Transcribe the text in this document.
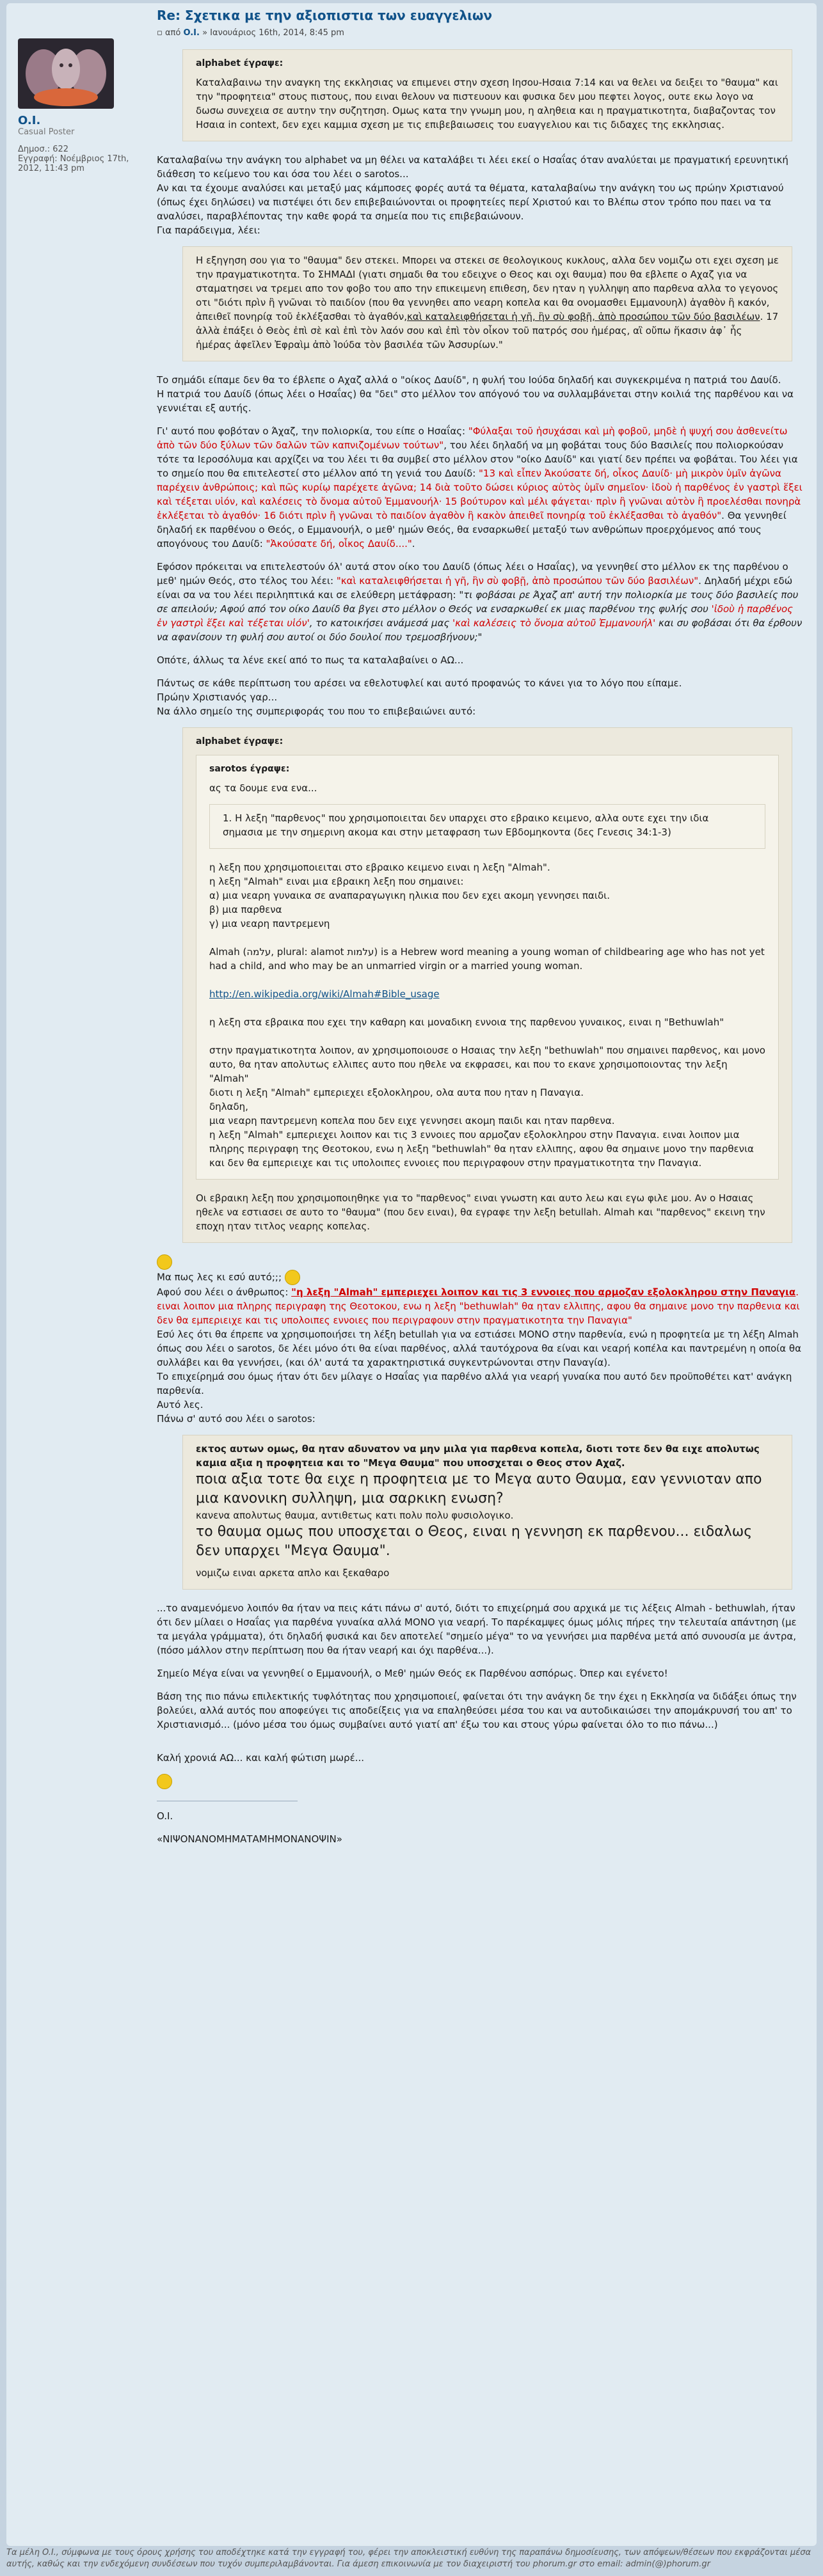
O.I.
Casual Poster
Δημοσ.: 622
Εγγραφή: Νοέμβριος 17th, 2012, 11:43 pm
Re: Σχετικα με την αξιοπιστια των ευαγγελιων
▫ από O.I. » Ιανουάριος 16th, 2014, 8:45 pm
alphabet έγραψε:
Καταλαβαινω την αναγκη της εκκλησιας να επιμενει στην σχεση Ιησου-Ησαια 7:14 και να θελει να δειξει το "θαυμα" και την "προφητεια" στους πιστους, που ειναι θελουν να πιστευουν και φυσικα δεν μου πεφτει λογος, ουτε εκω λογο να δωσω συνεχεια σε αυτην την συζητηση. Ομως κατα την γνωμη μου, η αληθεια και η πραγματικοτητα, διαβαζοντας τον Ησαια in context, δεν εχει καμμια σχεση με τις επιβεβαιωσεις του ευαγγελιου και τις διδαχες της εκκλησιας.

Καταλαβαίνω την ανάγκη του alphabet να μη θέλει να καταλάβει τι λέει εκεί ο Ησαΐας όταν αναλύεται με πραγματική ερευνητική διάθεση το κείμενο του και όσα του λέει ο sarotos...
Αν και τα έχουμε αναλύσει και μεταξύ μας κάμποσες φορές αυτά τα θέματα, καταλαβαίνω την ανάγκη του ως πρώην Χριστιανού (όπως έχει δηλώσει) να πιστέψει ότι δεν επιβεβαιώνονται οι προφητείες περί Χριστού και το Βλέπω στον τρόπο που παει να τα αναλύσει, παραβλέποντας την καθε φορά τα σημεία που τις επιβεβαιώνουν.
Για παράδειγμα, λέει:

Η εξηγηση σου για το "θαυμα" δεν στεκει. Μπορει να στεκει σε θεολογικους κυκλους, αλλα δεν νομιζω οτι εχει σχεση με την πραγματικοτητα. Το ΣΗΜΑΔΙ (γιατι σημαδι θα του εδειχνε ο Θεος και οχι θαυμα) που θα εβλεπε ο Αχαζ για να σταματησει να τρεμει απο τον φοβο του απο την επικειμενη επιθεση, δεν ηταν η γυλληψη απο παρθενα αλλα το γεγονος οτι "διότι πρὶν ἢ γνῶναι τὸ παιδίον (που θα γεννηθει απο νεαρη κοπελα και θα ονομασθει Εμμανουηλ) ἀγαθὸν ἢ κακόν, ἀπειθεῖ πονηρίᾳ τοῦ ἐκλέξασθαι τὸ ἀγαθόν,καὶ καταλειφθήσεται ἡ γῆ, ἣν σὺ φοβῇ, ἀπὸ προσώπου τῶν δύο βασιλέων. 17 ἀλλὰ ἐπάξει ὁ Θεὸς ἐπὶ σὲ καὶ ἐπὶ τὸν λαόν σου καὶ ἐπὶ τὸν οἶκον τοῦ πατρός σου ἡμέρας, αἳ οὔπω ἥκασιν ἀφ᾿ ἧς ἡμέρας ἀφεῖλεν Ἐφραὶμ ἀπὸ Ἰούδα τὸν βασιλέα τῶν Ἀσσυρίων."

Το σημάδι είπαμε δεν θα το έβλεπε ο Αχαζ αλλά ο "οίκος Δαυίδ", η φυλή του Ιούδα δηλαδή και συγκεκριμένα η πατριά του Δαυίδ.
Η πατριά του Δαυίδ (όπως λέει ο Ησαΐας) θα "δει" στο μέλλον τον απόγονό του να συλλαμβάνεται στην κοιλιά της παρθένου και να γεννιέται εξ αυτής.

Γι' αυτό που φοβόταν ο Άχαζ, την πολιορκία, του είπε ο Ησαΐας: "Φύλαξαι τοῦ ἡσυχάσαι καὶ μὴ φοβοῦ, μηδὲ ἡ ψυχή σου ἀσθενείτω ἀπὸ τῶν δύο ξύλων τῶν δαλῶν τῶν καπνιζομένων τούτων", του λέει δηλαδή να μη φοβάται τους δύο Βασιλείς που πολιορκούσαν τότε τα Ιεροσόλυμα και αρχίζει να του λέει τι θα συμβεί στο μέλλον στον "οίκο Δαυίδ" και γιατί δεν πρέπει να φοβάται. Του λέει για το σημείο που θα επιτελεστεί στο μέλλον από τη γενιά του Δαυίδ: "13 καὶ εἶπεν Ἀκούσατε δή, οἶκος Δαυίδ· μὴ μικρὸν ὑμῖν ἀγῶνα παρέχειν ἀνθρώποις; καὶ πῶς κυρίῳ παρέχετε ἀγῶνα; 14 διὰ τοῦτο δώσει κύριος αὐτὸς ὑμῖν σημεῖον· ἰδοὺ ἡ παρθένος ἐν γαστρὶ ἕξει καὶ τέξεται υἱόν, καὶ καλέσεις τὸ ὄνομα αὐτοῦ Ἐμμανουήλ· 15 βούτυρον καὶ μέλι φάγεται· πρὶν ἢ γνῶναι αὐτὸν ἢ προελέσθαι πονηρὰ ἐκλέξεται τὸ ἀγαθόν· 16 διότι πρὶν ἢ γνῶναι τὸ παιδίον ἀγαθὸν ἢ κακὸν ἀπειθεῖ πονηρίᾳ τοῦ ἐκλέξασθαι τὸ ἀγαθόν". Θα γεννηθεί δηλαδή εκ παρθένου ο Θεός, ο Εμμανουήλ, ο μεθ' ημών Θεός, θα ενσαρκωθεί μεταξύ των ανθρώπων προερχόμενος από τους απογόνους του Δαυίδ: "Ἀκούσατε δή, οἶκος Δαυίδ....".

Εφόσον πρόκειται να επιτελεστούν όλ' αυτά στον οίκο του Δαυίδ (όπως λέει ο Ησαΐας), να γεννηθεί στο μέλλον εκ της παρθένου ο μεθ' ημών Θεός, στο τέλος του λέει: "καὶ καταλειφθήσεται ἡ γῆ, ἣν σὺ φοβῇ, ἀπὸ προσώπου τῶν δύο βασιλέων". Δηλαδή μέχρι εδώ είναι σα να του λέει περιληπτικά και σε ελεύθερη μετάφραση: "τι φοβάσαι ρε Άχαζ απ' αυτή την πολιορκία με τους δύο βασιλείς που σε απειλούν; Αφού από τον οίκο Δαυίδ θα βγει στο μέλλον ο Θεός να ενσαρκωθεί εκ μιας παρθένου της φυλής σου 'ἰδοὺ ἡ παρθένος ἐν γαστρὶ ἕξει καὶ τέξεται υἱόν', το κατοικήσει ανάμεσά μας 'καὶ καλέσεις τὸ ὄνομα αὐτοῦ Ἐμμανουήλ' και συ φοβάσαι ότι θα έρθουν να αφανίσουν τη φυλή σου αυτοί οι δύο δουλοί που τρεμοσβήνουν;"

Οπότε, άλλως τα λένε εκεί από το πως τα καταλαβαίνει ο ΑΩ...

Πάντως σε κάθε περίπτωση του αρέσει να εθελοτυφλεί και αυτό προφανώς το κάνει για το λόγο που είπαμε.
Πρώην Χριστιανός γαρ...
Να άλλο σημείο της συμπεριφοράς του που το επιβεβαιώνει αυτό:

alphabet έγραψε:
sarotos έγραψε:

ας τα δουμε ενα ενα...

1. Η λεξη "παρθενος" που χρησιμοποιειται δεν υπαρχει στο εβραικο κειμενο, αλλα ουτε εχει την ιδια σημασια με την σημερινη ακομα και στην μεταφραση των Εβδομηκοντα (δες Γενεσις 34:1-3)
η λεξη που χρησιμοποιειται στο εβραικο κειμενο ειναι η λεξη "Almah".
η λεξη "Almah" ειναι μια εβραικη λεξη που σημαινει:
α) μια νεαρη γυναικα σε αναπαραγωγικη ηλικια που δεν εχει ακομη γεννησει παιδι.
β) μια παρθενα
γ) μια νεαρη παντρεμενη

Almah (עלמה, plural: alamot עלמות) is a Hebrew word meaning a young woman of childbearing age who has not yet had a child, and who may be an unmarried virgin or a married young woman.

http://en.wikipedia.org/wiki/Almah#Bible_usage

η λεξη στα εβραικα που εχει την καθαρη και μοναδικη εννοια της παρθενου γυναικος, ειναι η "Bethuwlah"

στην πραγματικοτητα λοιπον, αν χρησιμοποιουσε ο Ησαιας την λεξη "bethuwlah" που σημαινει παρθενος, και μονο αυτο, θα ηταν απολυτως ελλιπες αυτο που ηθελε να εκφρασει, και που το εκανε χρησιμοποιοντας την λεξη "Almah"
διοτι η λεξη "Almah" εμπεριεχει εξολοκληρου, ολα αυτα που ηταν η Παναγια.
δηλαδη,
μια νεαρη παντρεμενη κοπελα που δεν ειχε γεννησει ακομη παιδι και ηταν παρθενα.
η λεξη "Almah" εμπεριεχει λοιπον και τις 3 εννοιες που αρμοζαν εξολοκληρου στην Παναγια. ειναι λοιπον μια πληρης περιγραφη της Θεοτοκου, ενω η λεξη "bethuwlah" θα ηταν ελλιπης, αφου θα σημαινε μονο την παρθενια και δεν θα εμπεριειχε και τις υπολοιπες εννοιες που περιγραφουν στην πραγματικοτητα την Παναγια.
Οι εβραικη λεξη που χρησιμοποιηθηκε για το "παρθενος" ειναι γνωστη και αυτο λεω και εγω φιλε μου. Αν ο Ησαιας ηθελε να εστιασει σε αυτο το "θαυμα" (που δεν ειναι), θα εγραφε την λεξη betullah. Almah και "παρθενος" εκεινη την εποχη ηταν τιτλος νεαρης κοπελας.

Μα πως λες κι εσύ αυτό;;;
Αφού σου λέει ο άνθρωπος: "η λεξη "Almah" εμπεριεχει λοιπον και τις 3 εννοιες που αρμοζαν εξολοκληρου στην Παναγια. ειναι λοιπον μια πληρης περιγραφη της Θεοτοκου, ενω η λεξη "bethuwlah" θα ηταν ελλιπης, αφου θα σημαινε μονο την παρθενια και δεν θα εμπεριειχε και τις υπολοιπες εννοιες που περιγραφουν στην πραγματικοτητα την Παναγια"
Εσύ λες ότι θα έπρεπε να χρησιμοποιήσει τη λέξη betullah για να εστιάσει ΜΟΝΟ στην παρθενία, ενώ η προφητεία με τη λέξη Almah όπως σου λέει ο sarotos, δε λέει μόνο ότι θα είναι παρθένος, αλλά ταυτόχρονα θα είναι και νεαρή κοπέλα και παντρεμένη η οποία θα συλλάβει και θα γεννήσει, (και όλ' αυτά τα χαρακτηριστικά συγκεντρώνονται στην Παναγία).
Το επιχείρημά σου όμως ήταν ότι δεν μίλαγε ο Ησαΐας για παρθένο αλλά για νεαρή γυναίκα που αυτό δεν προϋποθέτει κατ' ανάγκη παρθενία.
Αυτό λες.
Πάνω σ' αυτό σου λέει ο sarotos:

εκτος αυτων ομως, θα ηταν αδυνατον να μην μιλα για παρθενα κοπελα, διοτι τοτε δεν θα ειχε απολυτως καμια αξια η προφητεια και το "Μεγα Θαυμα" που υποσχεται ο Θεος στον Αχαζ.
ποια αξια τοτε θα ειχε η προφητεια με το Μεγα αυτο Θαυμα, εαν γεννιοταν απο μια κανονικη συλληψη, μια σαρκικη ενωση?
κανενα απολυτως θαυμα, αντιθετως κατι πολυ πολυ φυσιολογικο.
το θαυμα ομως που υποσχεται ο Θεος, ειναι η γεννηση εκ παρθενου... ειδαλως δεν υπαρχει "Μεγα Θαυμα".
νομιζω ειναι αρκετα απλο και ξεκαθαρο

...το αναμενόμενο λοιπόν θα ήταν να πεις κάτι πάνω σ' αυτό, διότι το επιχείρημά σου αρχικά με τις λέξεις Almah - bethuwlah, ήταν ότι δεν μίλαει ο Ησαΐας για παρθένα γυναίκα αλλά ΜΟΝΟ για νεαρή. Το παρέκαμψες όμως μόλις πήρες την τελευταία απάντηση (με τα μεγάλα γράμματα), ότι δηλαδή φυσικά και δεν αποτελεί "σημείο μέγα" το να γεννήσει μια παρθένα μετά από συνουσία με άντρα, (πόσο μάλλον στην περίπτωση που θα ήταν νεαρή και όχι παρθένα...).

Σημείο Μέγα είναι να γεννηθεί ο Εμμανουήλ, ο Μεθ' ημών Θεός εκ Παρθένου ασπόρως. Όπερ και εγένετο!

Βάση της πιο πάνω επιλεκτικής τυφλότητας που χρησιμοποιεί, φαίνεται ότι την ανάγκη δε την έχει η Εκκλησία να διδάξει όπως την βολεύει, αλλά αυτός που αποφεύγει τις αποδείξεις για να επαληθεύσει μέσα του και να αυτοδικαιώσει την απομάκρυνσή του απ' το Χριστιανισμό... (μόνο μέσα του όμως συμβαίνει αυτό γιατί απ' έξω του και στους γύρω φαίνεται όλο το πιο πάνω...)

Καλή χρονιά ΑΩ... και καλή φώτιση μωρέ...

O.I.

«ΝΙΨΟΝΑΝΟΜΗΜΑΤΑΜΗΜΟΝΑΝΟΨΙΝ»

Τα μέλη O.I., σύμφωνα με τους όρους χρήσης του αποδέχτηκε κατά την εγγραφή του, φέρει την αποκλειστική ευθύνη της παραπάνω δημοσίευσης, των απόψεων/θέσεων που εκφράζονται μέσα αυτής, καθώς και την ενδεχόμενη συνδέσεων που τυχόν συμπεριλαμβάνονται. Για άμεση επικοινωνία με τον διαχειριστή του phorum.gr στο email: admin(@)phorum.gr
